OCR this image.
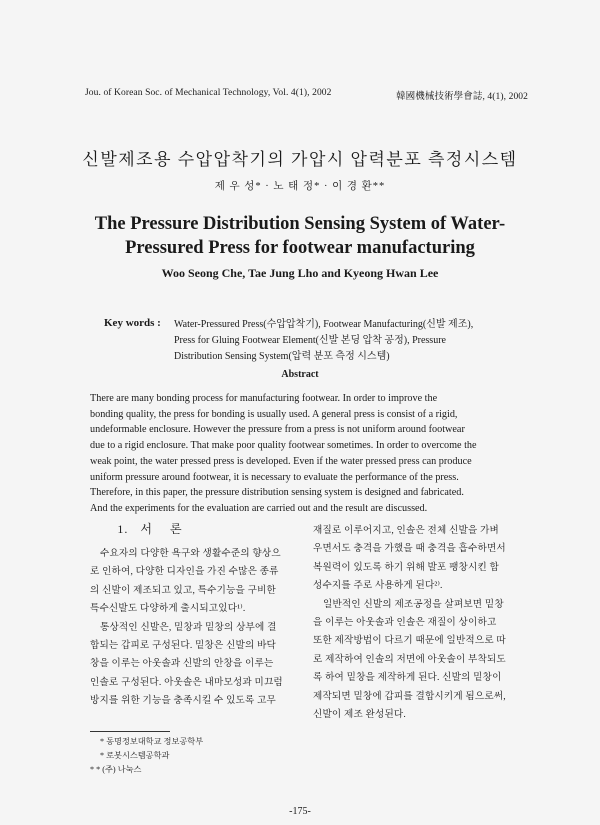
Jou. of Korean Soc. of Mechanical Technology, Vol. 4(1), 2002	韓國機械技術學會誌, 4(1), 2002
신발제조용 수압압착기의 가압시 압력분포 측정시스템
제 우 성* · 노 태 정* · 이 경 환**
The Pressure Distribution Sensing System of Water-
Pressured Press for footwear manufacturing
Woo Seong Che, Tae Jung Lho and Kyeong Hwan Lee
Key words : Water-Pressured Press(수압압착기), Footwear Manufacturing(신발 제조),
Press for Gluing Footwear Element(신발 본딩 압착 공정), Pressure
Distribution Sensing System(압력 분포 측정 시스템)
Abstract
There are many bonding process for manufacturing footwear. In order to improve the
bonding quality, the press for bonding is usually used. A general press is consist of a rigid,
undeformable enclosure. However the pressure from a press is not uniform around footwear
due to a rigid enclosure. That make poor quality footwear sometimes. In order to overcome the
weak point, the water pressed press is developed. Even if the water pressed press can produce
uniform pressure around footwear, it is necessary to evaluate the performance of the press.
Therefore, in this paper, the pressure distribution sensing system is designed and fabricated.
And the experiments for the evaluation are carried out and the result are discussed.
1. 서론
수요자의 다양한 욕구와 생활수준의 향상으
로 인하여, 다양한 디자인을 가진 수많은 종류
의 신발이 제조되고 있고, 특수기능을 구비한
특수신발도 다양하게 출시되고있다¹⁾.
통상적인 신발은, 밑창과 밑창의 상부에 결
합되는 갑피로 구성된다. 밑창은 신발의 바닥
창을 이루는 아웃솔과 신발의 안창을 이루는
인솔로 구성된다. 아웃솔은 내마모성과 미끄럼
방지를 위한 기능을 충족시킬 수 있도록 고무
재질로 이루어지고, 인솔은 전체 신발을 가벼
우면서도 충격을 가했을 때 충격을 흡수하면서
복원력이 있도록 하기 위해 발포 팽창시킨 합
성수지를 주로 사용하게 된다²⁾.
일반적인 신발의 제조공정을 살펴보면 밑창
을 이루는 아웃솔과 인솔은 재질이 상이하고
또한 제작방법이 다르기 때문에 일반적으로 따
로 제작하여 인솔의 저면에 아웃솔이 부착되도
록 하여 밑창을 제작하게 된다. 신발의 밑창이
제작되면 밑창에 갑피를 결합시키게 됨으로써,
신발이 제조 완성된다.
* 동명정보대학교 정보공학부
* 로봇시스템공학과
* * (주) 나눅스
-175-
